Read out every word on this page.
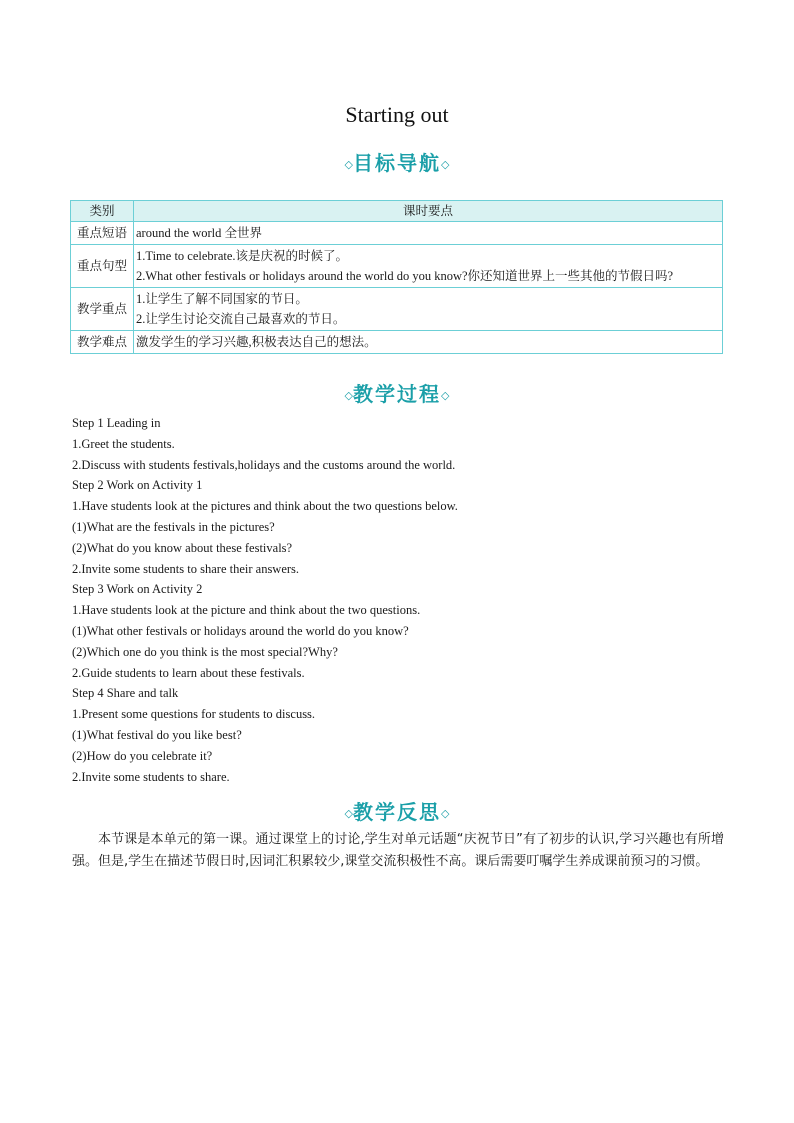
Starting out
◇目标导航◇
类别	课时要点
重点短语	around the world 全世界

重点句型	1.Time to celebrate.该是庆祝的时候了。
2.What other festivals or holidays around the world do you know?你还知道世界上一些其他的节假日吗?

教学重点	1.让学生了解不同国家的节日。
2.让学生讨论交流自己最喜欢的节日。

教学难点	激发学生的学习兴趣,积极表达自己的想法。
◇教学过程◇
Step 1 Leading in
1.Greet the students.
2.Discuss with students festivals,holidays and the customs around the world.
Step 2 Work on Activity 1
1.Have students look at the pictures and think about the two questions below.
(1)What are the festivals in the pictures?
(2)What do you know about these festivals?
2.Invite some students to share their answers.
Step 3 Work on Activity 2
1.Have students look at the picture and think about the two questions.
(1)What other festivals or holidays around the world do you know?
(2)Which one do you think is the most special?Why?
2.Guide students to learn about these festivals.
Step 4 Share and talk
1.Present some questions for students to discuss.
(1)What festival do you like best?
(2)How do you celebrate it?
2.Invite some students to share.
◇教学反思◇
本节课是本单元的第一课。通过课堂上的讨论,学生对单元话题“庆祝节日”有了初步的认识,学习兴趣也有所增强。但是,学生在描述节假日时,因词汇积累较少,课堂交流积极性不高。课后需要叮嘱学生养成课前预习的习惯。
